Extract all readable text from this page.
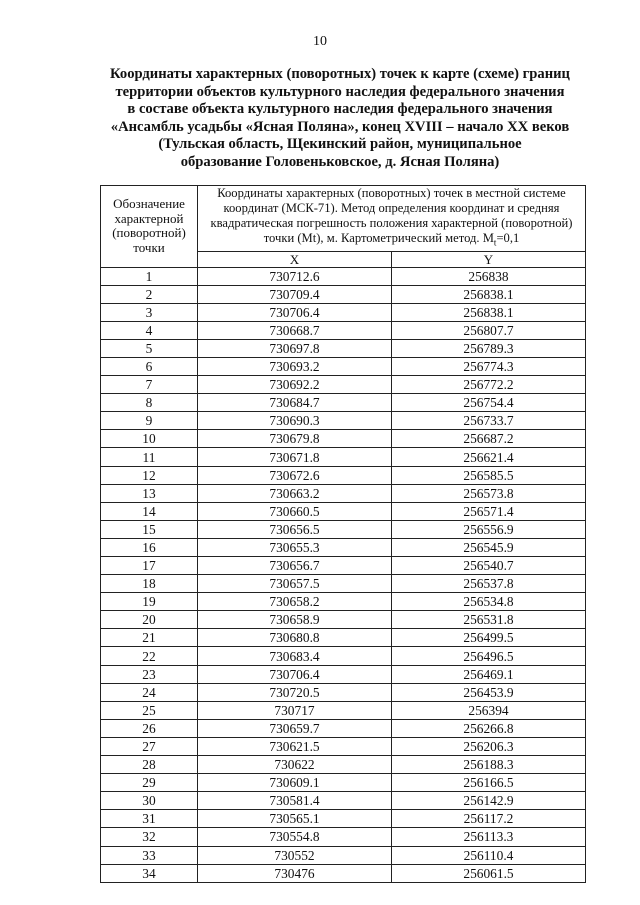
10
Координаты характерных (поворотных) точек к карте (схеме) границ
территории объектов культурного наследия федерального значения
в составе объекта культурного наследия федерального значения
«Ансамбль усадьбы «Ясная Поляна», конец XVIII – начало XX веков
(Тульская область, Щекинский район, муниципальное
образование Головеньковское, д. Ясная Поляна)
Обозначение характерной (поворотной) точки	Координаты характерных (поворотных) точек в местной системе координат (МСК-71). Метод определения координат и средняя квадратическая погрешность положения характерной (поворотной) точки (Mt), м. Картометрический метод. $M_t=0,1$	
	X	Y
1	730712.6	256838
2	730709.4	256838.1
3	730706.4	256838.1
4	730668.7	256807.7
5	730697.8	256789.3
6	730693.2	256774.3
7	730692.2	256772.2
8	730684.7	256754.4
9	730690.3	256733.7
10	730679.8	256687.2
11	730671.8	256621.4
12	730672.6	256585.5
13	730663.2	256573.8
14	730660.5	256571.4
15	730656.5	256556.9
16	730655.3	256545.9
17	730656.7	256540.7
18	730657.5	256537.8
19	730658.2	256534.8
20	730658.9	256531.8
21	730680.8	256499.5
22	730683.4	256496.5
23	730706.4	256469.1
24	730720.5	256453.9
25	730717	256394
26	730659.7	256266.8
27	730621.5	256206.3
28	730622	256188.3
29	730609.1	256166.5
30	730581.4	256142.9
31	730565.1	256117.2
32	730554.8	256113.3
33	730552	256110.4
34	730476	256061.5
